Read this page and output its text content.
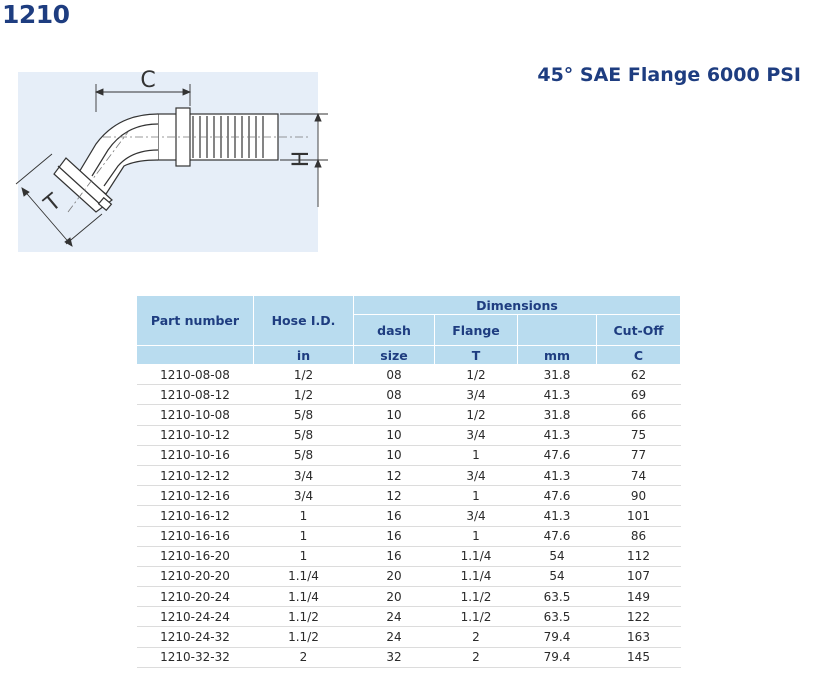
1210
45° SAE Flange 6000 PSI
C
H
T
Part number	Hose I.D.	Dimensions			
		dash	Flange		Cut-Off
	in	size	T	mm	C
1210-08-08	1/2	08	1/2	31.8	62
1210-08-12	1/2	08	3/4	41.3	69
1210-10-08	5/8	10	1/2	31.8	66
1210-10-12	5/8	10	3/4	41.3	75
1210-10-16	5/8	10	1	47.6	77
1210-12-12	3/4	12	3/4	41.3	74
1210-12-16	3/4	12	1	47.6	90
1210-16-12	1	16	3/4	41.3	101
1210-16-16	1	16	1	47.6	86
1210-16-20	1	16	1.1/4	54	112
1210-20-20	1.1/4	20	1.1/4	54	107
1210-20-24	1.1/4	20	1.1/2	63.5	149
1210-24-24	1.1/2	24	1.1/2	63.5	122
1210-24-32	1.1/2	24	2	79.4	163
1210-32-32	2	32	2	79.4	145
